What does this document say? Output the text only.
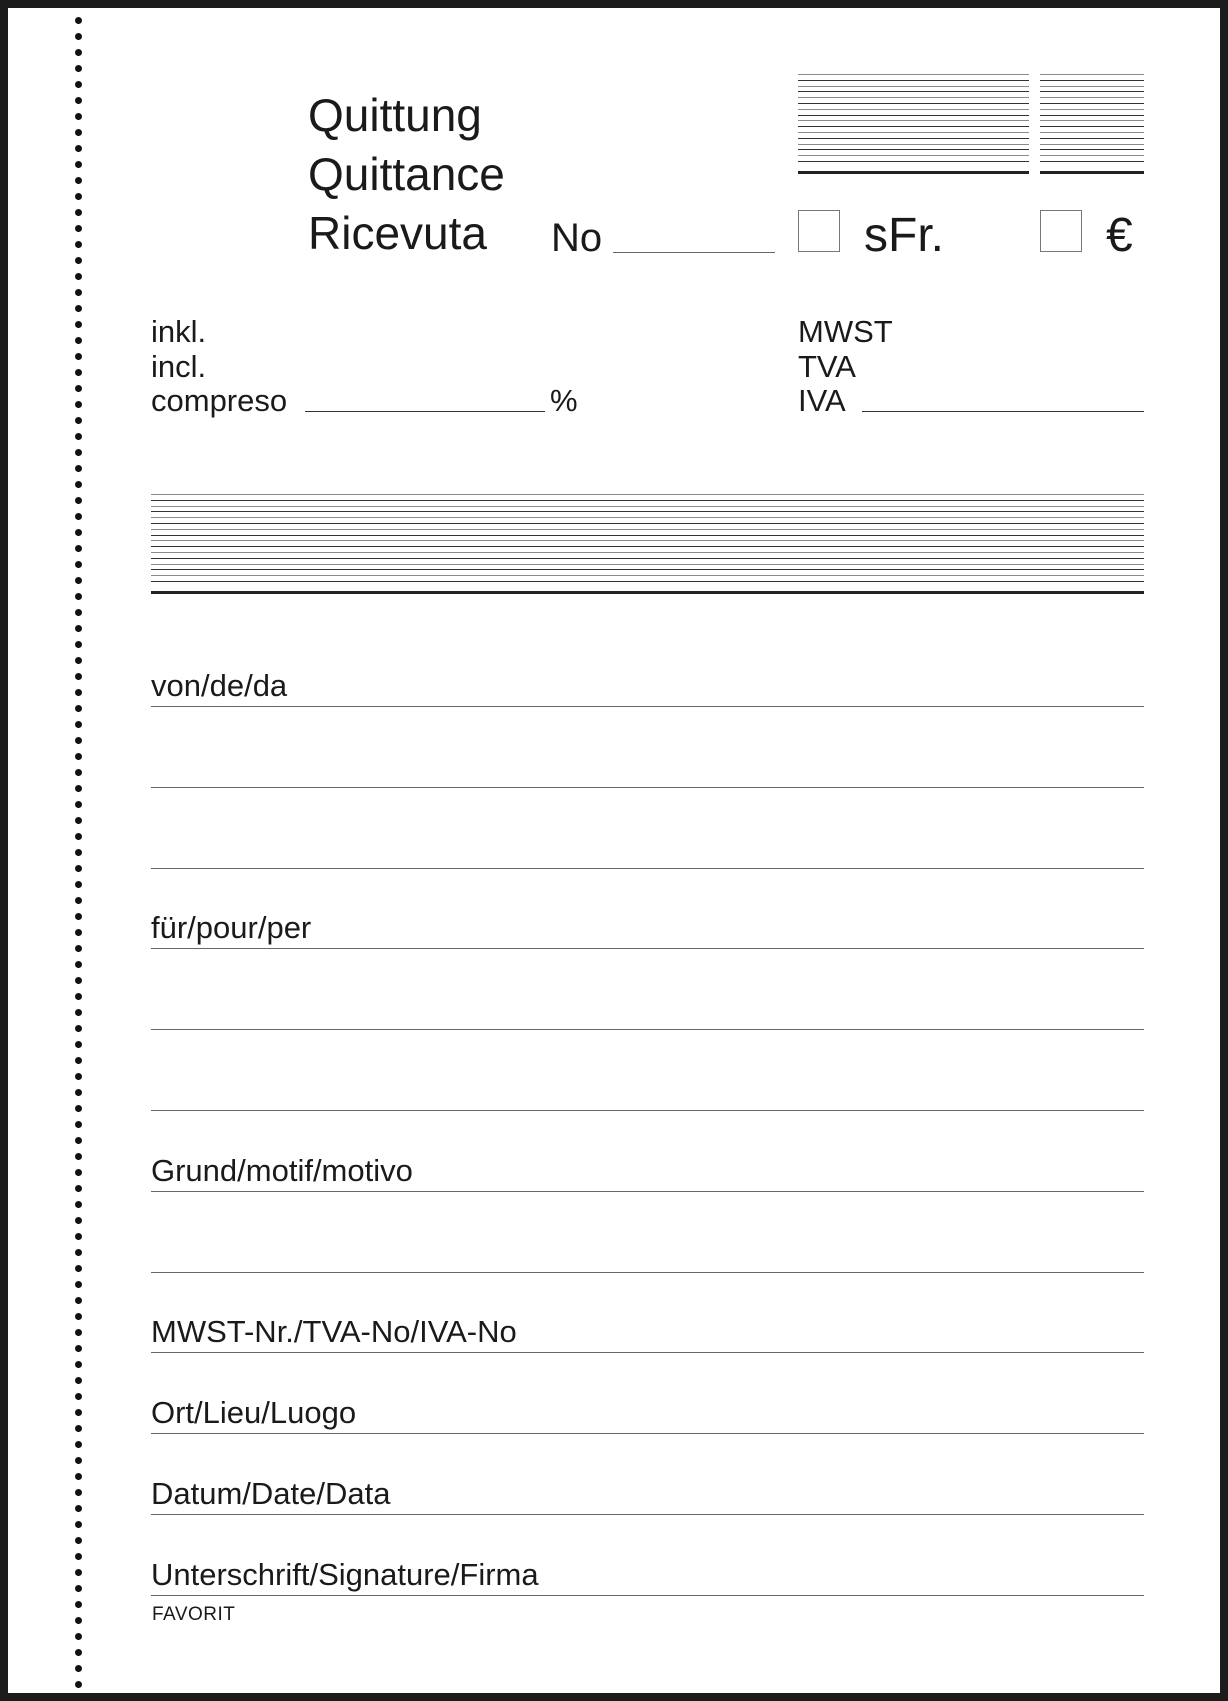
Quittung
Quittance
Ricevuta No	sFr.	€
inkl.
incl.
compreso	%
MWST
TVA
IVA
von/de/da
für/pour/per
Grund/motif/motivo
MWST-Nr./TVA-No/IVA-No
Ort/Lieu/Luogo
Datum/Date/Data
Unterschrift/Signature/Firma
FAVORIT
